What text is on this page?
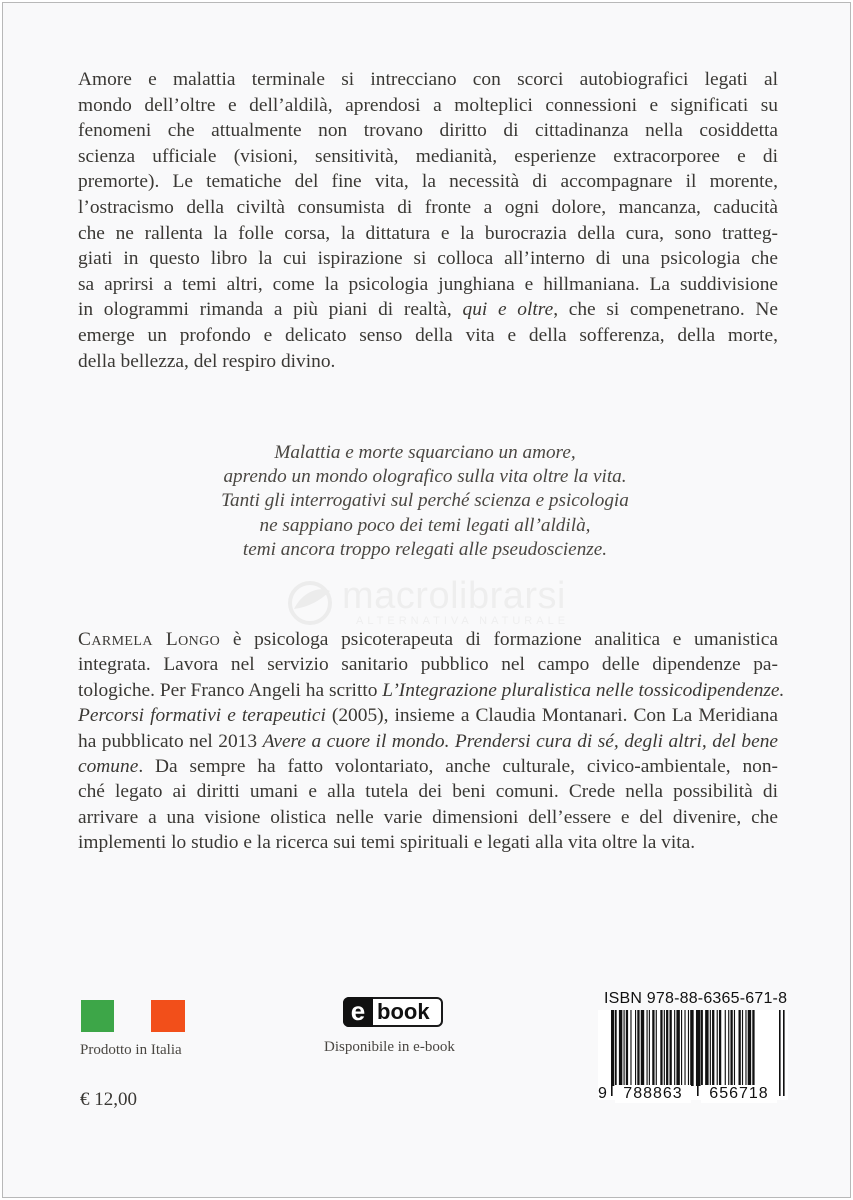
Amore e malattia terminale si intrecciano con scorci autobiografici legati al
mondo dell’oltre e dell’aldilà, aprendosi a molteplici connessioni e significati su
fenomeni che attualmente non trovano diritto di cittadinanza nella cosiddetta
scienza ufficiale (visioni, sensitività, medianità, esperienze extracorporee e di
premorte). Le tematiche del fine vita, la necessità di accompagnare il morente,
l’ostracismo della civiltà consumista di fronte a ogni dolore, mancanza, caducità
che ne rallenta la folle corsa, la dittatura e la burocrazia della cura, sono tratteg-
giati in questo libro la cui ispirazione si colloca all’interno di una psicologia che
sa aprirsi a temi altri, come la psicologia junghiana e hillmaniana. La suddivisione
in ologrammi rimanda a più piani di realtà, qui e oltre, che si compenetrano. Ne
emerge un profondo e delicato senso della vita e della sofferenza, della morte,
della bellezza, del respiro divino.
Malattia e morte squarciano un amore,
aprendo un mondo olografico sulla vita oltre la vita.
Tanti gli interrogativi sul perché scienza e psicologia
ne sappiano poco dei temi legati all’aldilà,
temi ancora troppo relegati alle pseudoscienze.
macrolibrarsi
ALTERNATIVA NATURALE
Carmela Longo è psicologa psicoterapeuta di formazione analitica e umanistica
integrata. Lavora nel servizio sanitario pubblico nel campo delle dipendenze pa-
tologiche. Per Franco Angeli ha scritto L’Integrazione pluralistica nelle tossicodipendenze.
Percorsi formativi e terapeutici (2005), insieme a Claudia Montanari. Con La Meridiana
ha pubblicato nel 2013 Avere a cuore il mondo. Prendersi cura di sé, degli altri, del bene
comune. Da sempre ha fatto volontariato, anche culturale, civico-ambientale, non-
ché legato ai diritti umani e alla tutela dei beni comuni. Crede nella possibilità di
arrivare a una visione olistica nelle varie dimensioni dell’essere e del divenire, che
implementi lo studio e la ricerca sui temi spirituali e legati alla vita oltre la vita.

Prodotto in Italia

€ 12,00

e book

Disponibile in e-book

ISBN 978-88-6365-671-8

9	788863	656718
